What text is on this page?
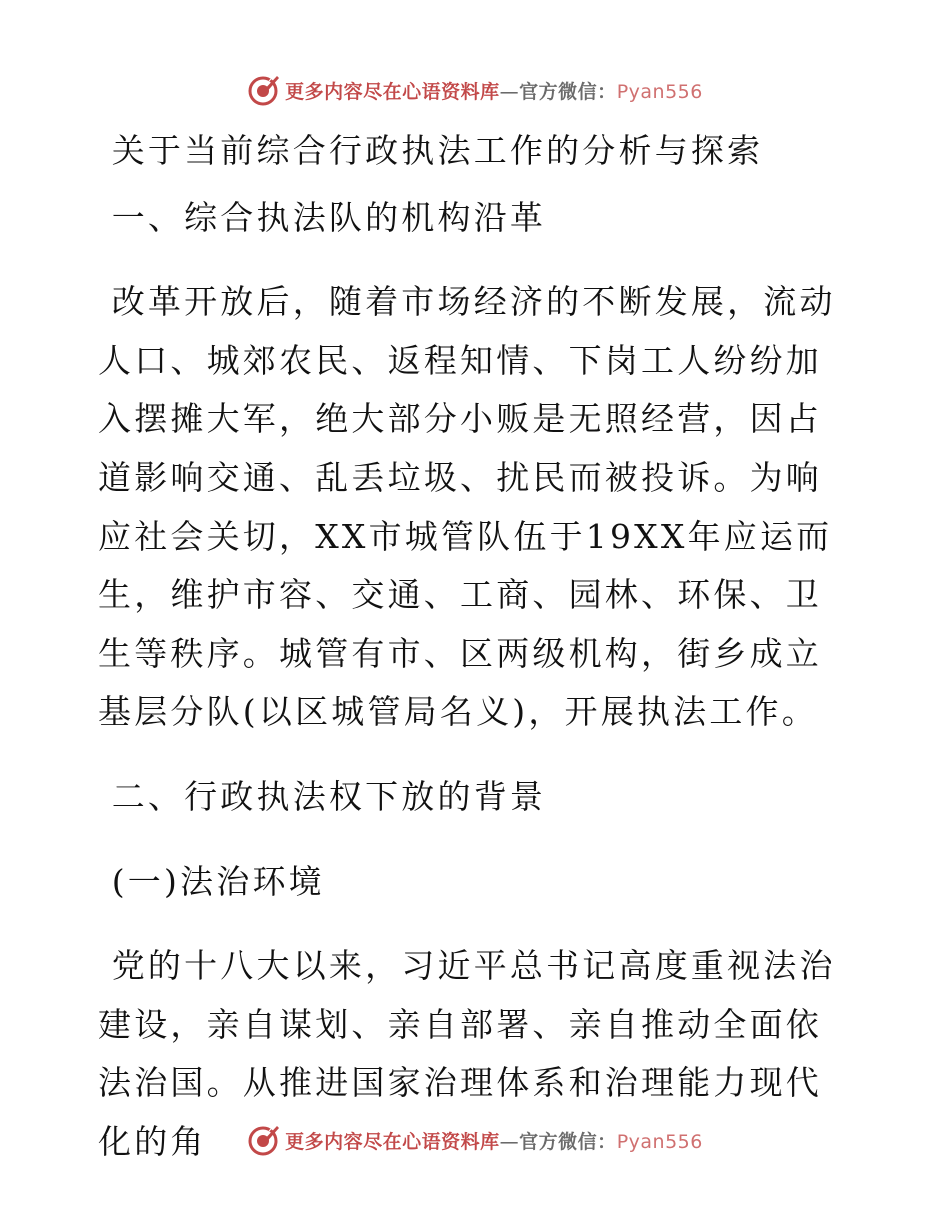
更多内容尽在心语资料库—官方微信：Pyan556

关于当前综合行政执法工作的分析与探索

一、综合执法队的机构沿革

改革开放后，随着市场经济的不断发展，流动人口、城郊农民、返程知情、下岗工人纷纷加入摆摊大军，绝大部分小贩是无照经营，因占道影响交通、乱丢垃圾、扰民而被投诉。为响应社会关切，XX市城管队伍于19XX年应运而生，维护市容、交通、工商、园林、环保、卫生等秩序。城管有市、区两级机构，街乡成立基层分队(以区城管局名义)，开展执法工作。

二、行政执法权下放的背景

(一)法治环境

党的十八大以来，习近平总书记高度重视法治建设，亲自谋划、亲自部署、亲自推动全面依法治国。从推进国家治理体系和治理能力现代化的角	更多内容尽在心语资料库—官方微信：Pyan556
